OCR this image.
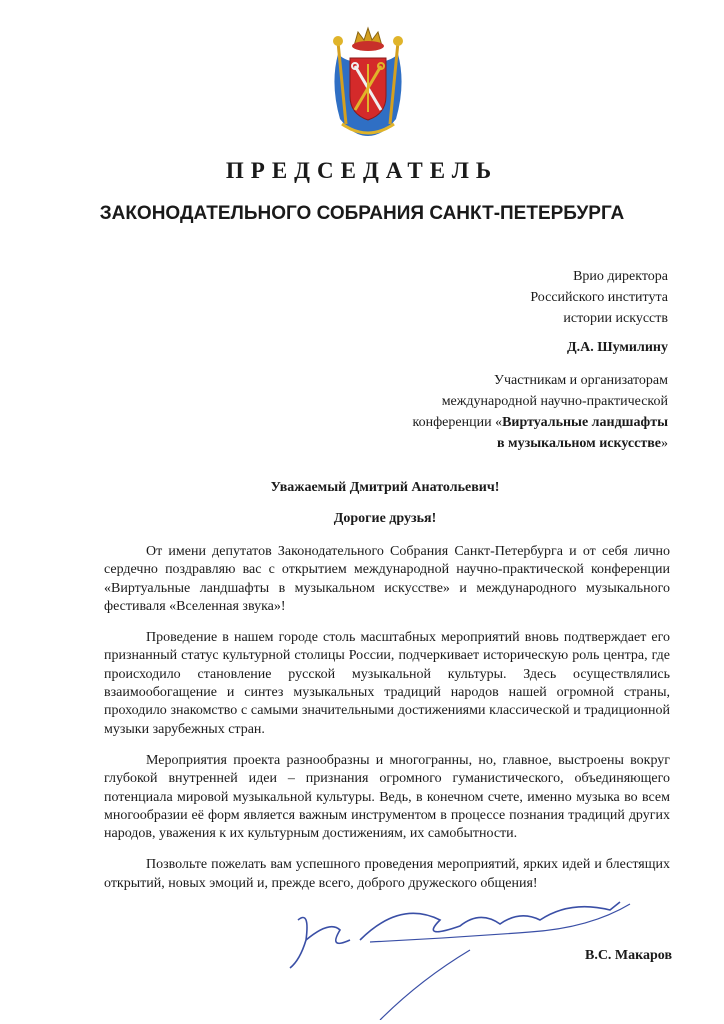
ПРЕДСЕДАТЕЛЬ
ЗАКОНОДАТЕЛЬНОГО СОБРАНИЯ САНКТ-ПЕТЕРБУРГА
Врио директора
Российского института
истории искусств
Д.А. Шумилину
Участникам и организаторам
международной научно-практической
конференции «Виртуальные ландшафты
в музыкальном искусстве»
Уважаемый Дмитрий Анатольевич!
Дорогие друзья!

От имени депутатов Законодательного Собрания Санкт-Петербурга и от себя лично сердечно поздравляю вас с открытием международной научно-практической конференции «Виртуальные ландшафты в музыкальном искусстве» и международного музыкального фестиваля «Вселенная звука»!

Проведение в нашем городе столь масштабных мероприятий вновь подтверждает его признанный статус культурной столицы России, подчеркивает историческую роль центра, где происходило становление русской музыкальной культуры. Здесь осуществлялись взаимообогащение и синтез музыкальных традиций народов нашей огромной страны, проходило знакомство с самыми значительными достижениями классической и традиционной музыки зарубежных стран.

Мероприятия проекта разнообразны и многогранны, но, главное, выстроены вокруг глубокой внутренней идеи – признания огромного гуманистического, объединяющего потенциала мировой музыкальной культуры. Ведь, в конечном счете, именно музыка во всем многообразии её форм является важным инструментом в процессе познания традиций других народов, уважения к их культурным достижениям, их самобытности.

Позвольте пожелать вам успешного проведения мероприятий, ярких идей и блестящих открытий, новых эмоций и, прежде всего, доброго дружеского общения!

В.С. Макаров
